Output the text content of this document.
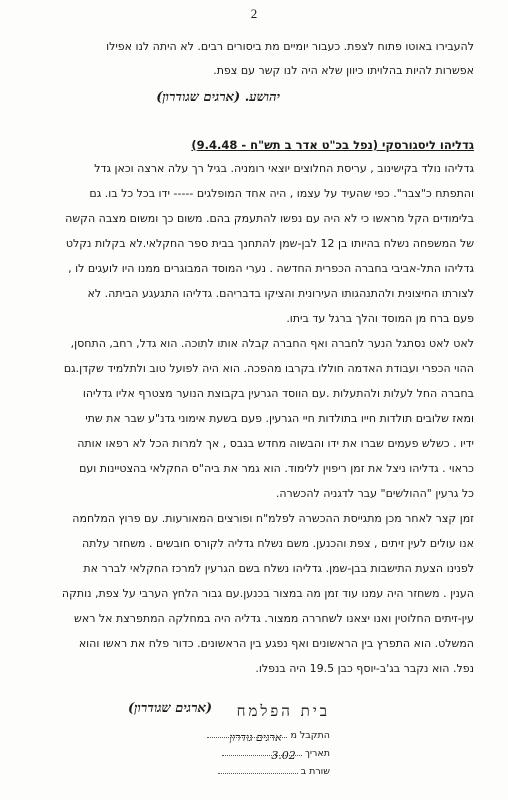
2
להעבירו באוטו פתוח לצפת. כעבור יומיים מת ביסורים רבים. לא היתה לנו אפילו
אפשרות להיות בהלויתו כיוון שלא היה לנו קשר עם צפת.
יהושע. (ארגים שגודרון)
גדליהו ליסגורסקי (נפל בכ"ט אדר ב תש"ח - 9.4.48)
גדליהו נולד בקישינוב , עריסת החלוצים יוצאי רומניה. בגיל רך עלה ארצה וכאן גדל
והתפתח כ"צבר". כפי שהעיד על עצמו , היה אחד המופלגים ----- ידו בכל כל בו. גם
בלימודים הקל מראשו כי לא היה עם נפשו להתעמק בהם. משום כך ומשום מצבה הקשה
של המשפחה נשלח בהיותו בן 12 לבן-שמן להתחנך בבית ספר החקלאי.לא בקלות נקלט
גדליהו התל-אביבי בחברה הכפרית החדשה . נערי המוסד המבוגרים ממנו היו לועגים לו ,
לצורתו החיצונית ולהתנהגותו העירונית והציקו בדבריהם. גדליהו התגעגע הביתה. לא
פעם ברח מן המוסד והלך ברגל עד ביתו.
לאט לאט נסתגל הנער לחברה ואף החברה קבלה אותו לתוכה. הוא גדל, רחב, התחסן,
ההוי הכפרי ועבודת האדמה חוללו בקרבו מהפכה. הוא היה לפועל טוב ולתלמיד שקדן.גם
בחברה החל לעלות ולהתעלות .עם הווסד הגרעין בקבוצת הנוער מצטרף אליו גדליהו
ומאז שלובים תולדות חייו בתולדות חיי הגרעין. פעם בשעת אימוני גדנ"ע שבר את שתי
ידיו . כשלש פעמים שברו את ידו והבשוה מחדש בגבס , אך למרות הכל לא רפאו אותה
כראוי . גדליהו ניצל את זמן ריפוין ללימוד. הוא גמר את ביה"ס החקלאי בהצטיינות ועם
כל גרעין "ההולשים" עבר לדגניה להכשרה.
זמן קצר לאחר מכן מתגייסת ההכשרה לפלמ"ח ופורצים המאורעות. עם פרוץ המלחמה
אנו עולים לעין זיתים , צפת והכנען. משם נשלח גדליה לקורס חובשים . משחזר עלתה
לפנינו הצעת התישבות בבן-שמן. גדליהו נשלח בשם הגרעין למרכז החקלאי לברר את
הענין . משחזר היה עמנו עוד זמן מה במצור בכנען.עם גבור הלחץ הערבי על צפת, נותקה
עין-זיתים החלוטין ואנו יצאנו לשחררה ממצור. גדליה היה במחלקה המתפרצת אל ראש
המשלט. הוא התפרץ בין הראשונים ואף נפגע בין הראשונים. כדור פלח את ראשו והוא
נפל. הוא נקבר בג'ב-יוסף כבן 19.5 היה בנפלו.
(ארגים שגודרון) בית הפלמח
התקבל מ
ארגים גודרון
תאריך
3.02
שורת ב
